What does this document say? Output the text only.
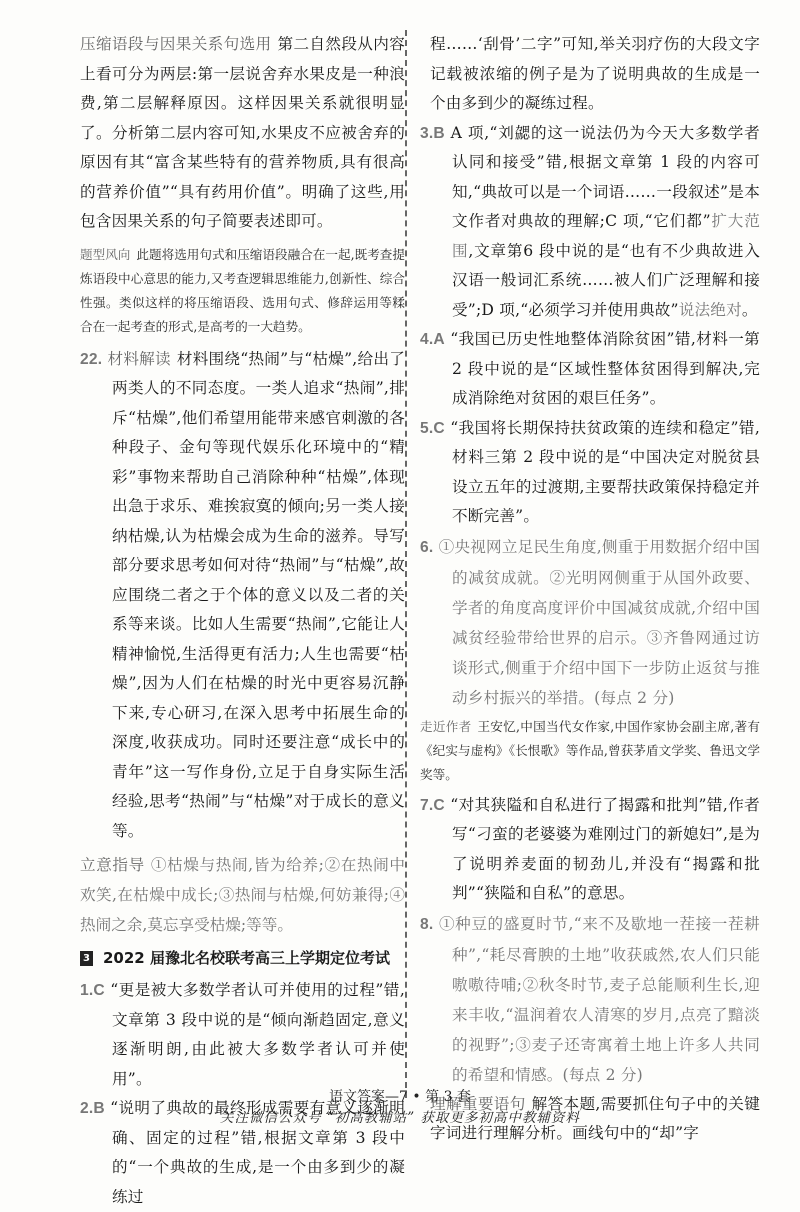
压缩语段与因果关系句选用 第二自然段从内容上看可分为两层:第一层说舍弃水果皮是一种浪费,第二层解释原因。这样因果关系就很明显了。分析第二层内容可知,水果皮不应被舍弃的原因有其“富含某些特有的营养物质,具有很高的营养价值”“具有药用价值”。明确了这些,用包含因果关系的句子简要表述即可。

题型风向 此题将选用句式和压缩语段融合在一起,既考查提炼语段中心意思的能力,又考查逻辑思维能力,创新性、综合性强。类似这样的将压缩语段、选用句式、修辞运用等糅合在一起考查的形式,是高考的一大趋势。

22. 材料解读 材料围绕“热闹”与“枯燥”,给出了两类人的不同态度。一类人追求“热闹”,排斥“枯燥”,他们希望用能带来感官刺激的各种段子、金句等现代娱乐化环境中的“精彩”事物来帮助自己消除种种“枯燥”,体现出急于求乐、难挨寂寞的倾向;另一类人接纳枯燥,认为枯燥会成为生命的滋养。导写部分要求思考如何对待“热闹”与“枯燥”,故应围绕二者之于个体的意义以及二者的关系等来谈。比如人生需要“热闹”,它能让人精神愉悦,生活得更有活力;人生也需要“枯燥”,因为人们在枯燥的时光中更容易沉静下来,专心研习,在深入思考中拓展生命的深度,收获成功。同时还要注意“成长中的青年”这一写作身份,立足于自身实际生活经验,思考“热闹”与“枯燥”对于成长的意义等。

立意指导 ①枯燥与热闹,皆为给养;②在热闹中欢笑,在枯燥中成长;③热闹与枯燥,何妨兼得;④热闹之余,莫忘享受枯燥;等等。

3 2022 届豫北名校联考高三上学期定位考试

1.C “更是被大多数学者认可并使用的过程”错,文章第 3 段中说的是“倾向渐趋固定,意义逐渐明朗,由此被大多数学者认可并使用”。

2.B “说明了典故的最终形成需要有意义逐渐明确、固定的过程”错,根据文章第 3 段中的“一个典故的生成,是一个由多到少的凝练过

程……‘刮骨’二字”可知,举关羽疗伤的大段文字记载被浓缩的例子是为了说明典故的生成是一个由多到少的凝练过程。

3.B A 项,“刘勰的这一说法仍为今天大多数学者认同和接受”错,根据文章第 1 段的内容可知,“典故可以是一个词语……一段叙述”是本文作者对典故的理解;C 项,“它们都”扩大范围,文章第6 段中说的是“也有不少典故进入汉语一般词汇系统……被人们广泛理解和接受”;D 项,“必须学习并使用典故”说法绝对。

4.A “我国已历史性地整体消除贫困”错,材料一第 2 段中说的是“区域性整体贫困得到解决,完成消除绝对贫困的艰巨任务”。

5.C “我国将长期保持扶贫政策的连续和稳定”错,材料三第 2 段中说的是“中国决定对脱贫县设立五年的过渡期,主要帮扶政策保持稳定并不断完善”。

6. ①央视网立足民生角度,侧重于用数据介绍中国的减贫成就。②光明网侧重于从国外政要、学者的角度高度评价中国减贫成就,介绍中国减贫经验带给世界的启示。③齐鲁网通过访谈形式,侧重于介绍中国下一步防止返贫与推动乡村振兴的举措。(每点 2 分)

走近作者 王安忆,中国当代女作家,中国作家协会副主席,著有《纪实与虚构》《长恨歌》等作品,曾获茅盾文学奖、鲁迅文学奖等。

7.C “对其狭隘和自私进行了揭露和批判”错,作者写“刁蛮的老婆婆为难刚过门的新媳妇”,是为了说明养麦面的韧劲儿,并没有“揭露和批判”“狭隘和自私”的意思。

8. ①种豆的盛夏时节,“来不及歇地一茬接一茬耕种”,“耗尽膏腴的土地”收获戚然,农人们只能嗷嗷待哺;②秋冬时节,麦子总能顺利生长,迎来丰收,“温润着农人清寒的岁月,点亮了黯淡的视野”;③麦子还寄寓着土地上许多人共同的希望和情感。(每点 2 分)

理解重要语句 解答本题,需要抓住句子中的关键字词进行理解分析。画线句中的“却”字

语文答案—7 • 第 3 套
关注微信公众号 “初高教辅站” 获取更多初高中教辅资料
